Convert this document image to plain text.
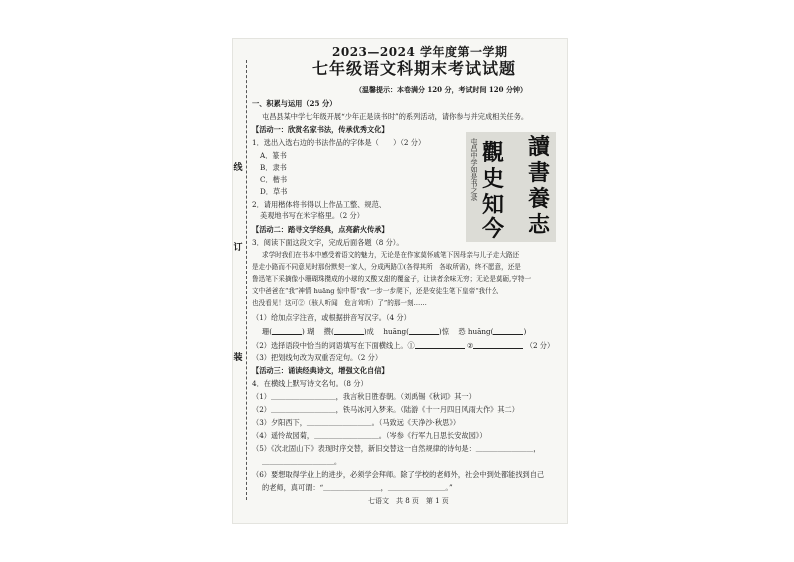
线
订
装
2023—2024 学年度第一学期
七年级语文科期末考试试题
（温馨提示：本卷满分 120 分，考试时间 120 分钟）
一、积累与运用（25 分）
屯昌县某中学七年级开展“少年正是读书时”的系列活动，请你参与并完成相关任务。
【活动一：欣赏名家书法，传承优秀文化】
1．选出入选右边的书法作品的字体是（　　）（2 分）
A．篆书
B．隶书
C．楷书
D．草书
2．请用楷体将书得以上作品工整、规范、
美观地书写在米字格里。（2 分）
【活动二：踏寻文学经典，点亮薪火传承】
3．阅读下面这段文字，完成后面各题（8 分）。
求学时我们在书本中感受着语文的魅力，无论是在作家莫怀戚笔下因母亲与儿子走大路还
是走小路而不同意见时那份默契一家人，分成两路①(各得其所　各取所需)，终不愿意，还是
鲁迅笔下采摘像小珊瑚珠攒成的小球的又酸又甜的覆盆子，让读者余味无穷；无论是莫砺,亨特一
文中爸爸在“我”神情 huāng 惊中帮“我”一步一步爬下，还是安徒生笔下皇帝“我什么
也没看见！这可②（骇人听闻　危言耸听）了”的那一刻……
（1）给加点字注音，或根据拼音写汉字。（4 分）
珊(	) 瑚　 攒(	)成　 huāng(	)惊　 恐 huāng(	)
（2）选择语段中恰当的词语填写在下面横线上。①	②	（2 分）
（3）把划线句改为双重否定句。（2 分）
【活动三：诵读经典诗文，增强文化自信】
4．在横线上默写诗文名句。（8 分）
（1）＿＿＿＿＿＿＿＿＿，我言秋日胜春朝。（刘禹锡《秋词》其一）
（2）＿＿＿＿＿＿＿＿＿，铁马冰河入梦来。（陆游《十一月四日风雨大作》其二）
（3）夕阳西下，＿＿＿＿＿＿＿＿＿。（马致远《天净沙·秋思》）
（4）遥怜故园菊，＿＿＿＿＿＿＿＿＿。（岑参《行军九日思长安故园》）
（5）《次北固山下》表现时序交替，新旧交替这一自然规律的诗句是：＿＿＿＿＿＿＿＿，
＿＿＿＿＿＿＿＿＿＿。
（6）要想取得学业上的进步，必须学会拜师。除了学校的老师外，社会中到处都能找到自己
的老师，真可谓：“＿＿＿＿＿＿＿＿，＿＿＿＿＿＿＿＿。”
屯昌中学如是书之录 讀
書
養
志
觀
史
知
今
七语文　共 8 页　第 1 页
